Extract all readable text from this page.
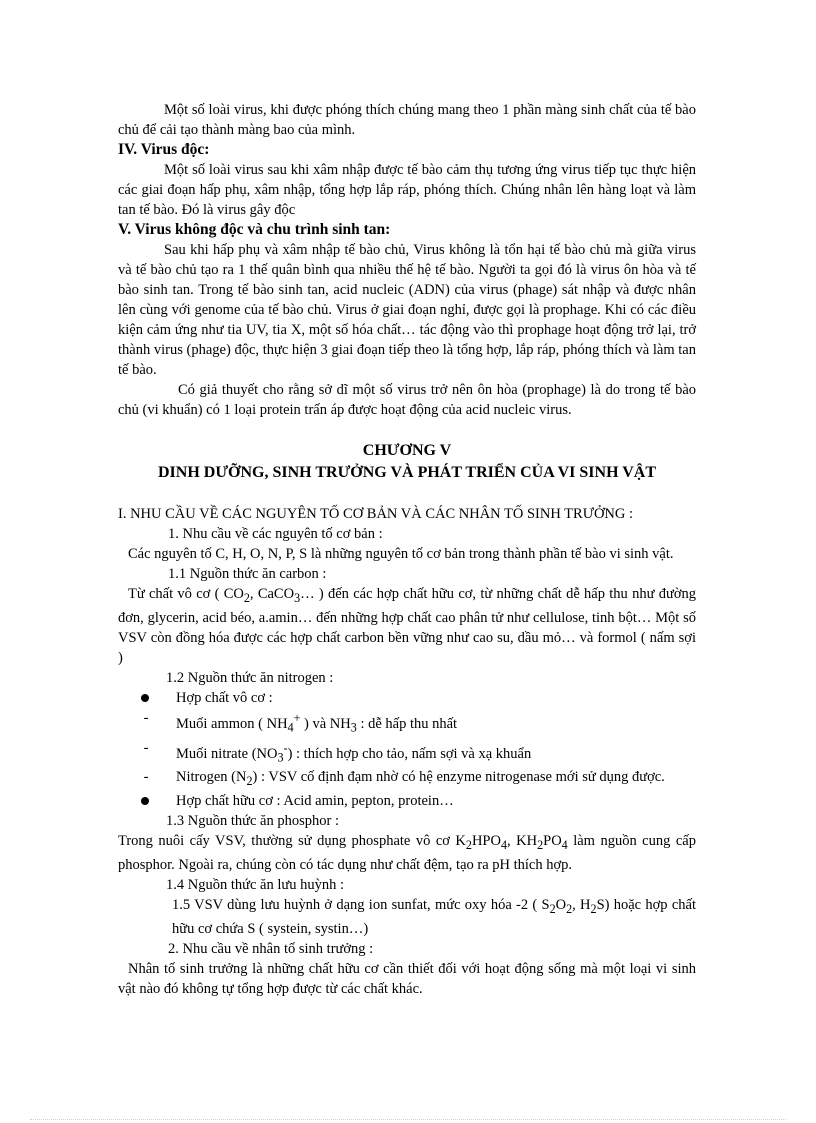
Một số loài virus, khi được phóng thích chúng mang theo 1 phần màng sinh chất của tế bào chủ để cải tạo thành màng bao của mình.

IV. Virus độc:

Một số loài virus sau khi xâm nhập được tế bào cảm thụ tương ứng virus tiếp tục thực hiện các giai đoạn hấp phụ, xâm nhập, tổng hợp lắp ráp, phóng thích. Chúng nhân lên hàng loạt và làm tan tế bào. Đó là virus gây độc

V. Virus không độc và chu trình sinh tan:

Sau khi hấp phụ và xâm nhập tế bào chủ, Virus không là tổn hại tế bào chủ mà giữa virus và tế bào chủ tạo ra 1 thế quân bình qua nhiều thế hệ tế bào. Người ta gọi đó là virus ôn hòa và tế bào sinh tan. Trong tế bào sinh tan, acid nucleic (ADN) của virus (phage) sát nhập và được nhân lên cùng với genome của tế bào chủ. Virus ở giai đoạn nghỉ, được gọi là prophage. Khi có các điều kiện cảm ứng như tia UV, tia X, một số hóa chất… tác động vào thì prophage hoạt động trở lại, trở thành virus (phage) độc, thực hiện 3 giai đoạn tiếp theo là tổng hợp, lắp ráp, phóng thích và làm tan tế bào.

Có giả thuyết cho rằng sở dĩ một số virus trở nên ôn hòa (prophage) là do trong tế bào chủ (vi khuẩn) có 1 loại protein trấn áp được hoạt động của acid nucleic virus.

CHƯƠNG V

DINH DƯỠNG, SINH TRƯỞNG VÀ PHÁT TRIỂN CỦA VI SINH VẬT

I. NHU CẦU VỀ CÁC NGUYÊN TỐ CƠ BẢN VÀ CÁC NHÂN TỐ SINH TRƯỞNG :

1. Nhu cầu về các nguyên tố cơ bản :

Các nguyên tố C, H, O, N, P, S là những nguyên tố cơ bản trong thành phần tế bào vi sinh vật.

1.1 Nguồn thức ăn carbon :

Từ chất vô cơ ( $CO_2$, CaCO$_3$… ) đến các hợp chất hữu cơ, từ những chất dễ hấp thu như đường đơn, glycerin, acid béo, a.amin… đến những hợp chất cao phân tử như cellulose, tinh bột… Một số VSV còn đồng hóa được các hợp chất carbon bền vững như cao su, dầu mỏ… và formol ( nấm sợi )

1.2 Nguồn thức ăn nitrogen :

Hợp chất vô cơ :
-	Muối ammon ( $NH_4^+$ ) và $NH_3$ : dễ hấp thu nhất
-	Muối nitrate $(NO_3^-)$ : thích hợp cho tảo, nấm sợi và xạ khuẩn
-	Nitrogen $(N_2)$ : VSV cố định đạm nhờ có hệ enzyme nitrogenase mới sử dụng được.
Hợp chất hữu cơ : Acid amin, pepton, protein…

1.3 Nguồn thức ăn phosphor :

Trong nuôi cấy VSV, thường sử dụng phosphate vô cơ $K_2HPO_4$, $KH_2PO_4$ làm nguồn cung cấp phosphor. Ngoài ra, chúng còn có tác dụng như chất đệm, tạo ra pH thích hợp.

1.4 Nguồn thức ăn lưu huỳnh :

1.5 VSV dùng lưu huỳnh ở dạng ion sunfat, mức oxy hóa -2 ( $S_2O_2$, $H_2S$) hoặc hợp chất hữu cơ chứa S ( systein, systin…)

2. Nhu cầu về nhân tố sinh trưởng :

Nhân tố sinh trưởng là những chất hữu cơ cần thiết đối với hoạt động sống mà một loại vi sinh vật nào đó không tự tổng hợp được từ các chất khác.
